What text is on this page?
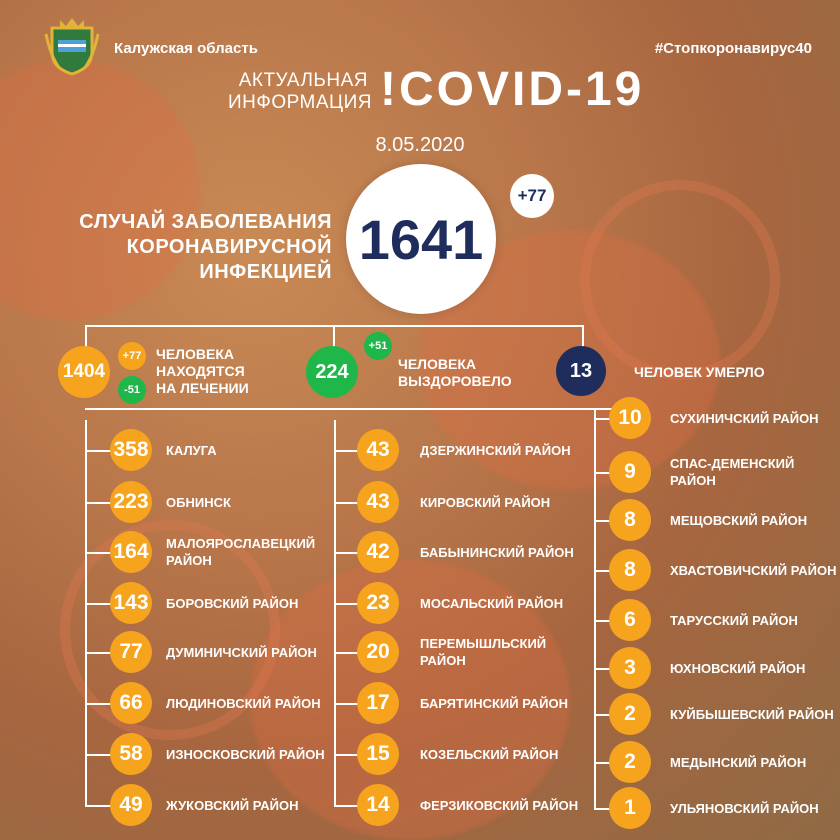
Калужская область	#Стопкоронавирус40
АКТУАЛЬНАЯ
ИНФОРМАЦИЯ !COVID-19
8.05.2020
СЛУЧАЙ ЗАБОЛЕВАНИЯ
КОРОНАВИРУСНОЙ ИНФЕКЦИЕЙ
1641
+77
1404
+77
-51
ЧЕЛОВЕКА
НАХОДЯТСЯ
НА ЛЕЧЕНИИ
224
+51
ЧЕЛОВЕКА
ВЫЗДОРОВЕЛО	13	ЧЕЛОВЕК УМЕРЛО
358 КАЛУГА
223 ОБНИНСК
164 МАЛОЯРОСЛАВЕЦКИЙ
РАЙОН
143 БОРОВСКИЙ РАЙОН
77	ДУМИНИЧСКИЙ РАЙОН
66	ЛЮДИНОВСКИЙ РАЙОН
58	ИЗНОСКОВСКИЙ РАЙОН
49	ЖУКОВСКИЙ РАЙОН
43	ДЗЕРЖИНСКИЙ РАЙОН
43	КИРОВСКИЙ РАЙОН
42	БАБЫНИНСКИЙ РАЙОН
23	МОСАЛЬСКИЙ РАЙОН
20	ПЕРЕМЫШЛЬСКИЙ
РАЙОН
17	БАРЯТИНСКИЙ РАЙОН
15	КОЗЕЛЬСКИЙ РАЙОН
14	ФЕРЗИКОВСКИЙ РАЙОН
10	СУХИНИЧСКИЙ РАЙОН
9	СПАС-ДЕМЕНСКИЙ
РАЙОН
8	МЕЩОВСКИЙ РАЙОН
8	ХВАСТОВИЧСКИЙ РАЙОН
6	ТАРУССКИЙ РАЙОН
3	ЮХНОВСКИЙ РАЙОН
2	КУЙБЫШЕВСКИЙ РАЙОН
2	МЕДЫНСКИЙ РАЙОН
1	УЛЬЯНОВСКИЙ РАЙОН
